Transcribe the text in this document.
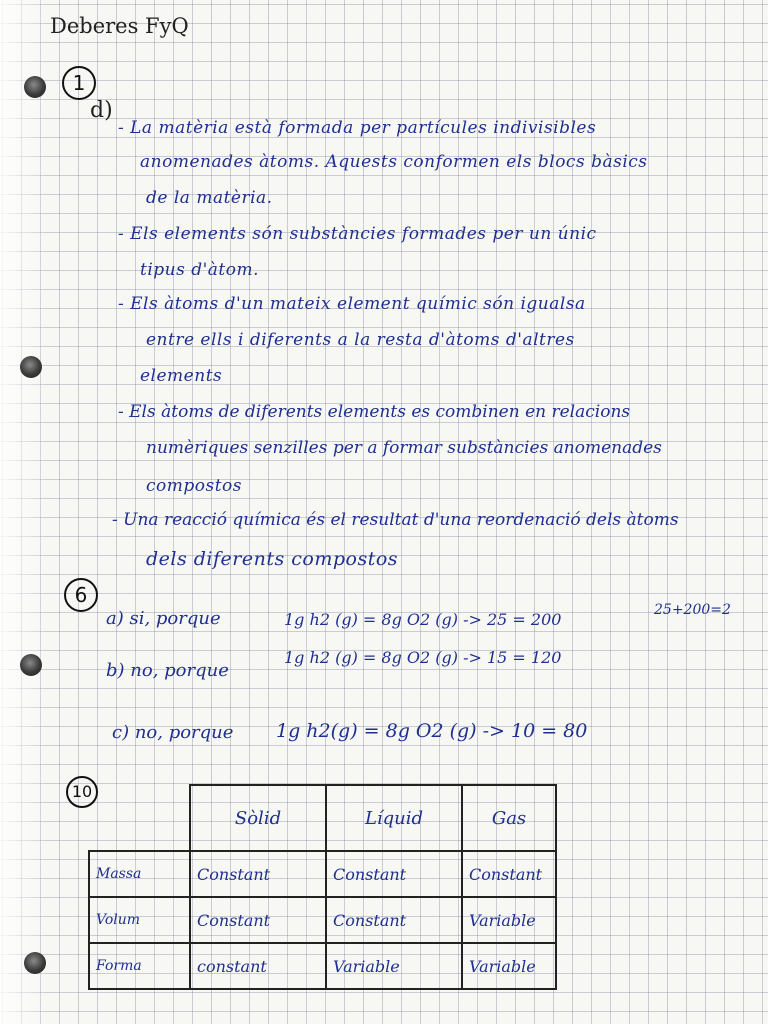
Deberes FyQ
1
d)
- La matèria està formada per partícules indivisibles
anomenades àtoms. Aquests conformen els blocs bàsics
de la matèria.
- Els elements són substàncies formades per un únic
tipus d'àtom.
- Els àtoms d'un mateix element químic són igualsa
entre ells i diferents a la resta d'àtoms d'altres
elements
- Els àtoms de diferents elements es combinen en relacions
numèriques senzilles per a formar substàncies anomenades
compostos
- Una reacció química és el resultat d'una reordenació dels àtoms
dels diferents compostos
6
a) si, porque	1g h2 (g) = 8g O2 (g) -> 25 = 200	25+200=2
b) no, porque
1g h2 (g) = 8g O2 (g) -> 15 = 120
c) no, porque 1g h2(g) = 8g O2 (g) -> 10 = 80
10
	Sòlid	Líquid	Gas
Massa	Constant	Constant	Constant
Volum	Constant	Constant	Variable
Forma	constant	Variable	Variable
